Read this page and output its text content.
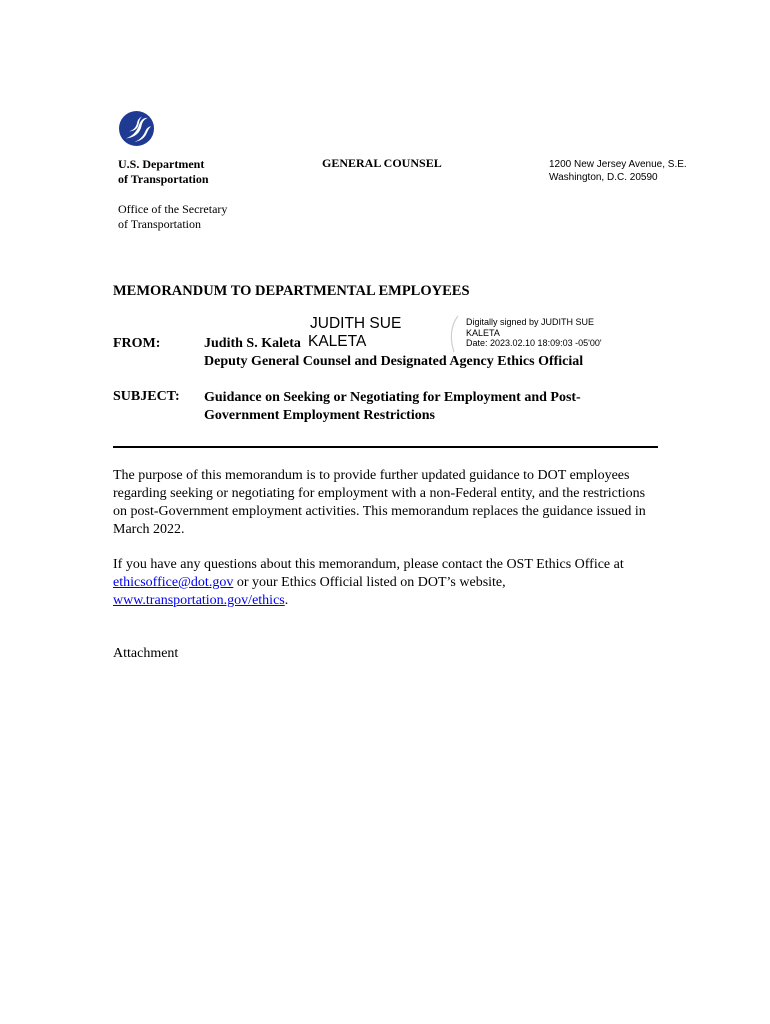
U.S. Department
of Transportation
Office of the Secretary
of Transportation
GENERAL COUNSEL	1200 New Jersey Avenue, S.E.
Washington, D.C. 20590
MEMORANDUM TO DEPARTMENTAL EMPLOYEES
JUDITH SUE
KALETA
Digitally signed by JUDITH SUE
KALETA
Date: 2023.02.10 18:09:03 -05'00'
FROM:	Judith S. Kaleta
Deputy General Counsel and Designated Agency Ethics Official
SUBJECT: Guidance on Seeking or Negotiating for Employment and Post-
Government Employment Restrictions
The purpose of this memorandum is to provide further updated guidance to DOT employees regarding seeking or negotiating for employment with a non-Federal entity, and the restrictions on post-Government employment activities. This memorandum replaces the guidance issued in March 2022.
If you have any questions about this memorandum, please contact the OST Ethics Office at ethicsoffice@dot.gov or your Ethics Official listed on DOT’s website, www.transportation.gov/ethics.
Attachment
